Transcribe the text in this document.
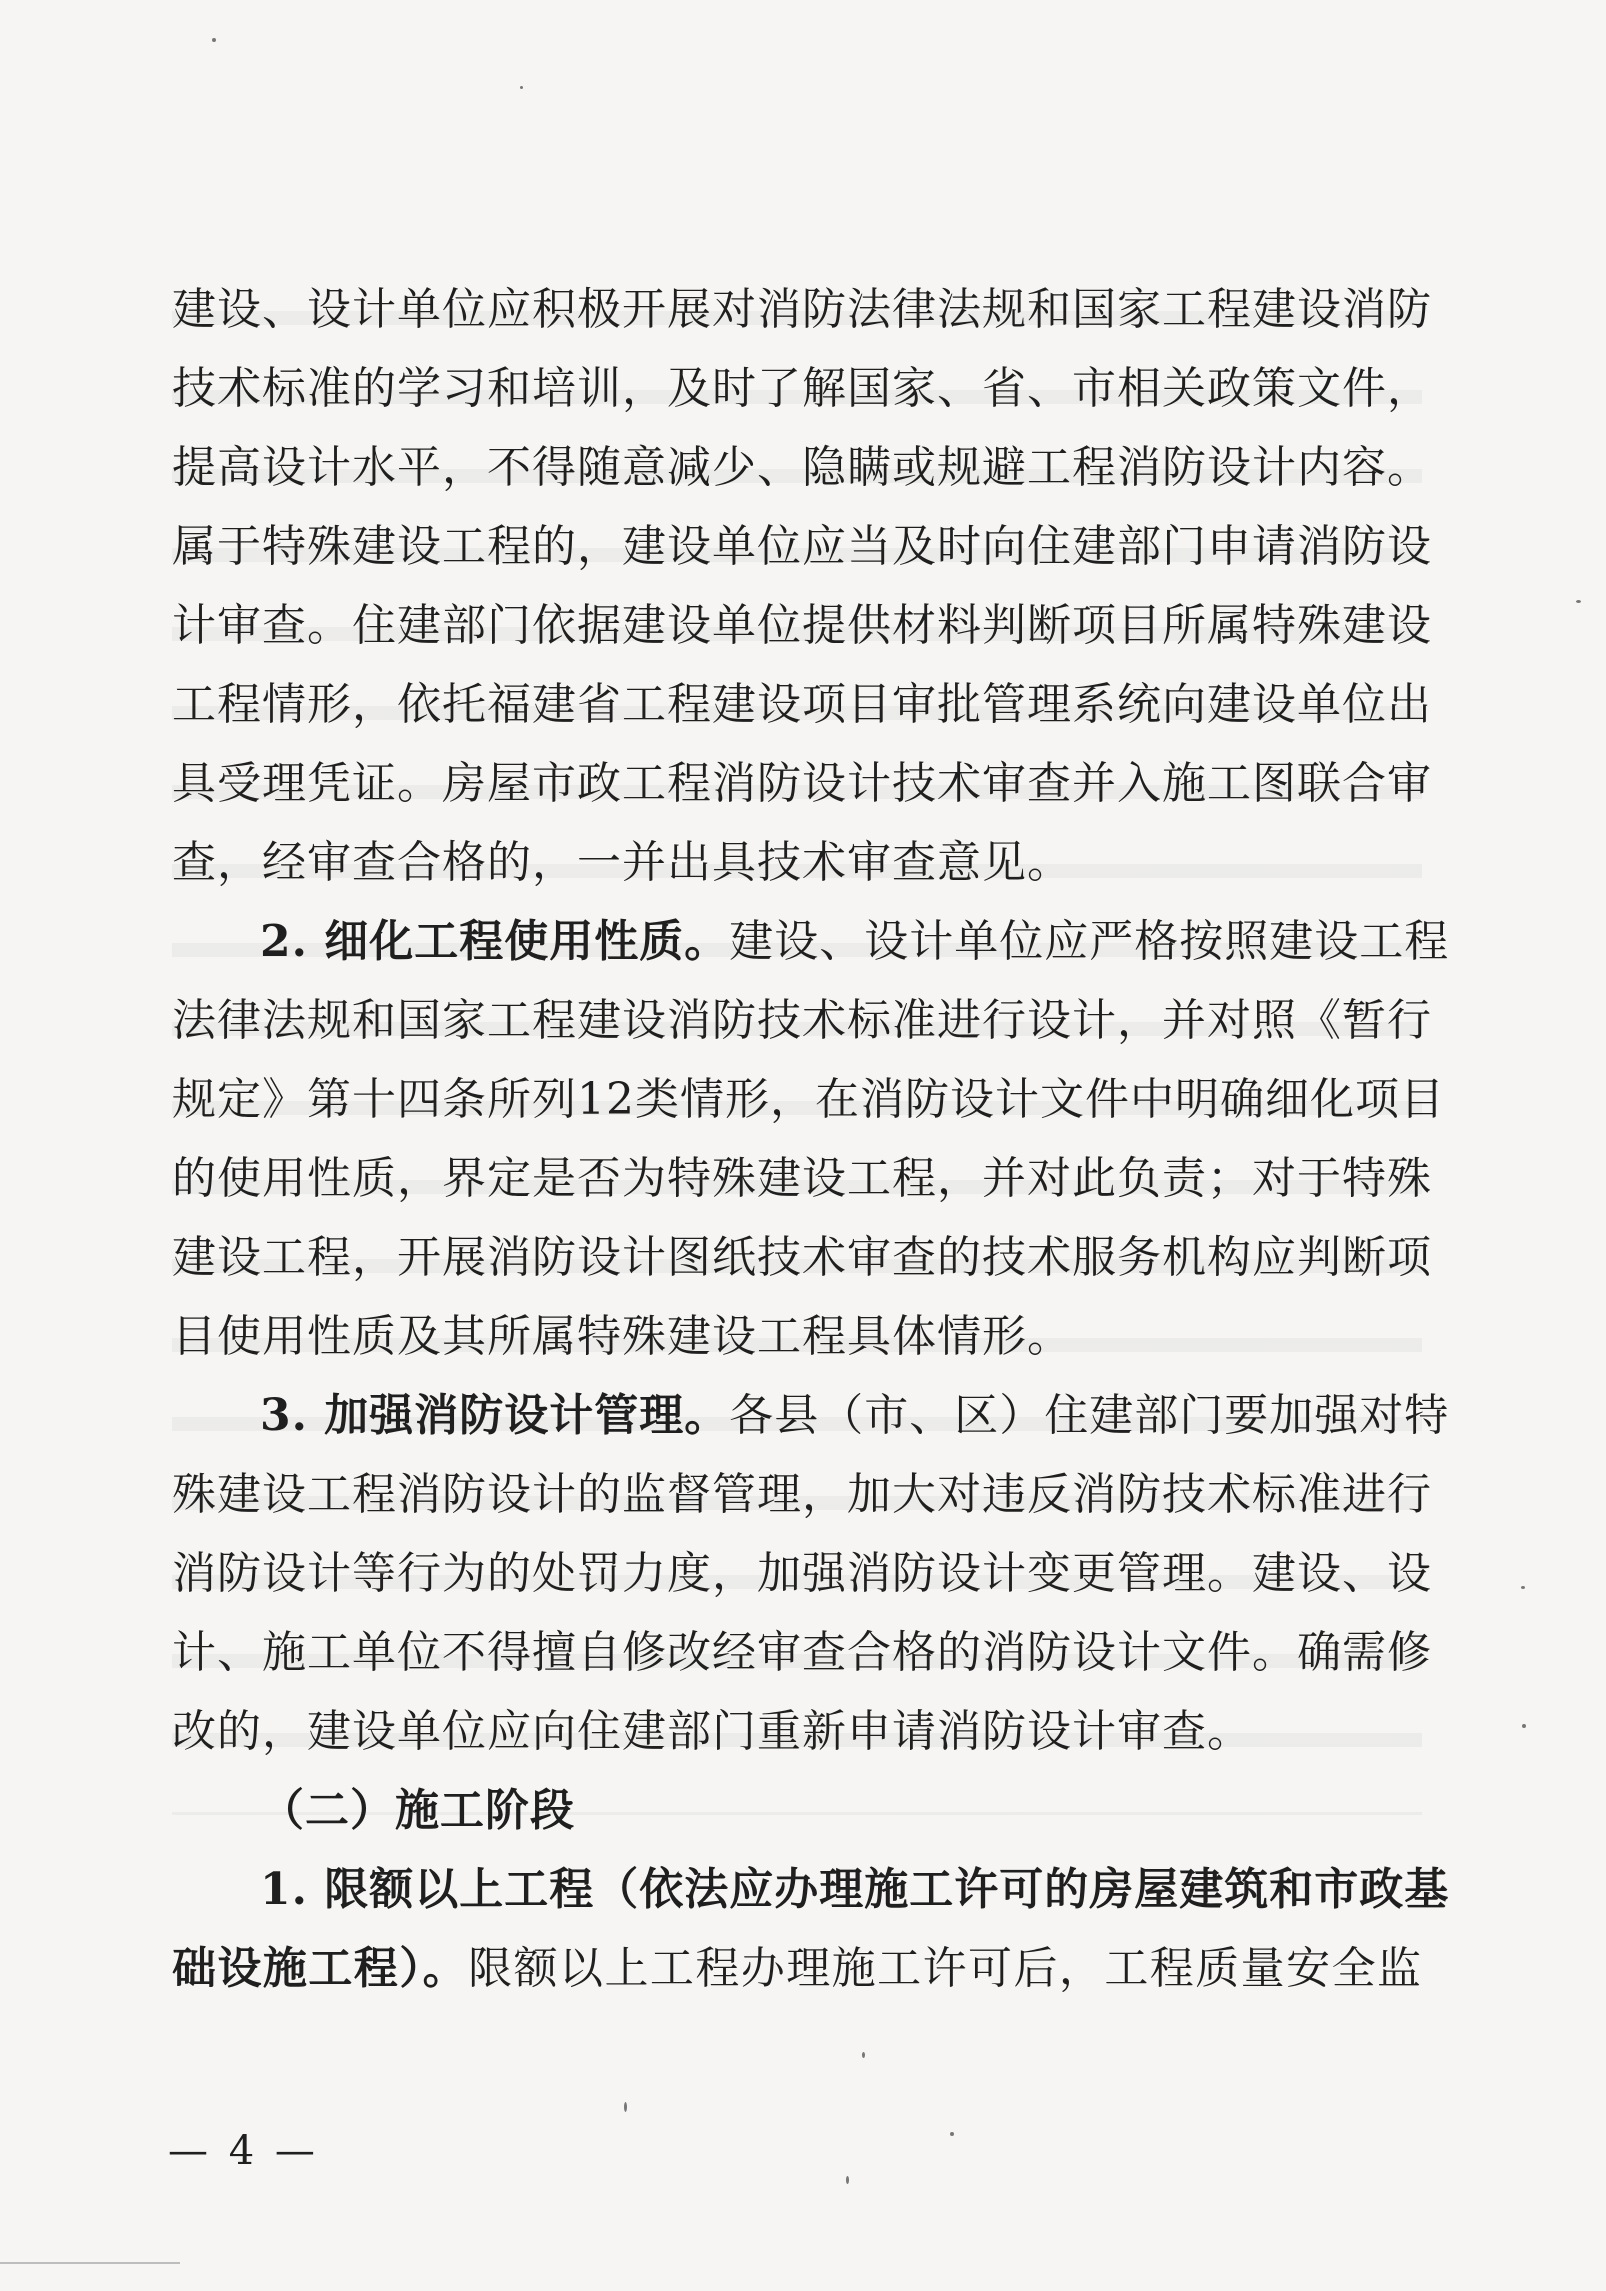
建设、设计单位应积极开展对消防法律法规和国家工程建设消防
技术标准的学习和培训，及时了解国家、省、市相关政策文件，
提高设计水平，不得随意减少、隐瞒或规避工程消防设计内容。
属于特殊建设工程的，建设单位应当及时向住建部门申请消防设
计审查。住建部门依据建设单位提供材料判断项目所属特殊建设
工程情形，依托福建省工程建设项目审批管理系统向建设单位出
具受理凭证。房屋市政工程消防设计技术审查并入施工图联合审
查，经审查合格的，一并出具技术审查意见。
2. 细化工程使用性质。建设、设计单位应严格按照建设工程
法律法规和国家工程建设消防技术标准进行设计，并对照《暂行
规定》第十四条所列12类情形，在消防设计文件中明确细化项目
的使用性质，界定是否为特殊建设工程，并对此负责；对于特殊
建设工程，开展消防设计图纸技术审查的技术服务机构应判断项
目使用性质及其所属特殊建设工程具体情形。
3. 加强消防设计管理。各县（市、区）住建部门要加强对特
殊建设工程消防设计的监督管理，加大对违反消防技术标准进行
消防设计等行为的处罚力度，加强消防设计变更管理。建设、设
计、施工单位不得擅自修改经审查合格的消防设计文件。确需修
改的，建设单位应向住建部门重新申请消防设计审查。
（二）施工阶段
1. 限额以上工程（依法应办理施工许可的房屋建筑和市政基
础设施工程）。限额以上工程办理施工许可后，工程质量安全监
— 4 —
